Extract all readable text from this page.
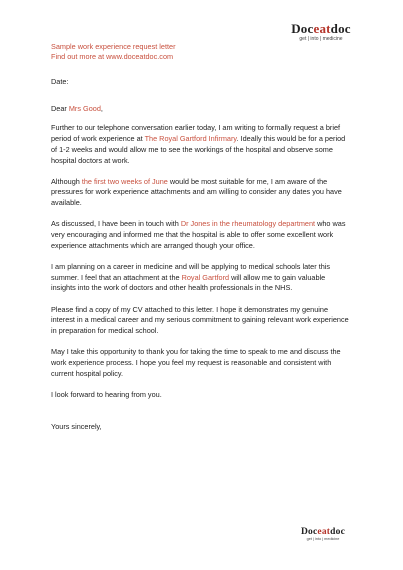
Doceatdoc
get | into | medicine
Sample work experience request letter
Find out more at www.doceatdoc.com

Date:

Dear Mrs Good,

Further to our telephone conversation earlier today, I am writing to formally request a brief period of work experience at The Royal Gartford Infirmary. Ideally this would be for a period of 1-2 weeks and would allow me to see the workings of the hospital and observe some hospital doctors at work.

Although the first two weeks of June would be most suitable for me, I am aware of the pressures for work experience attachments and am willing to consider any dates you have available.

As discussed, I have been in touch with Dr Jones in the rheumatology department who was very encouraging and informed me that the hospital is able to offer some excellent work experience attachments which are arranged though your office.

I am planning on a career in medicine and will be applying to medical schools later this summer. I feel that an attachment at the Royal Gartford will allow me to gain valuable insights into the work of doctors and other health professionals in the NHS.

Please find a copy of my CV attached to this letter. I hope it demonstrates my genuine interest in a medical career and my serious commitment to gaining relevant work experience in preparation for medical school.

May I take this opportunity to thank you for taking the time to speak to me and discuss the work experience process. I hope you feel my request is reasonable and consistent with current hospital policy.

I look forward to hearing from you.

Yours sincerely,

Doceatdoc
get | into | medicine
